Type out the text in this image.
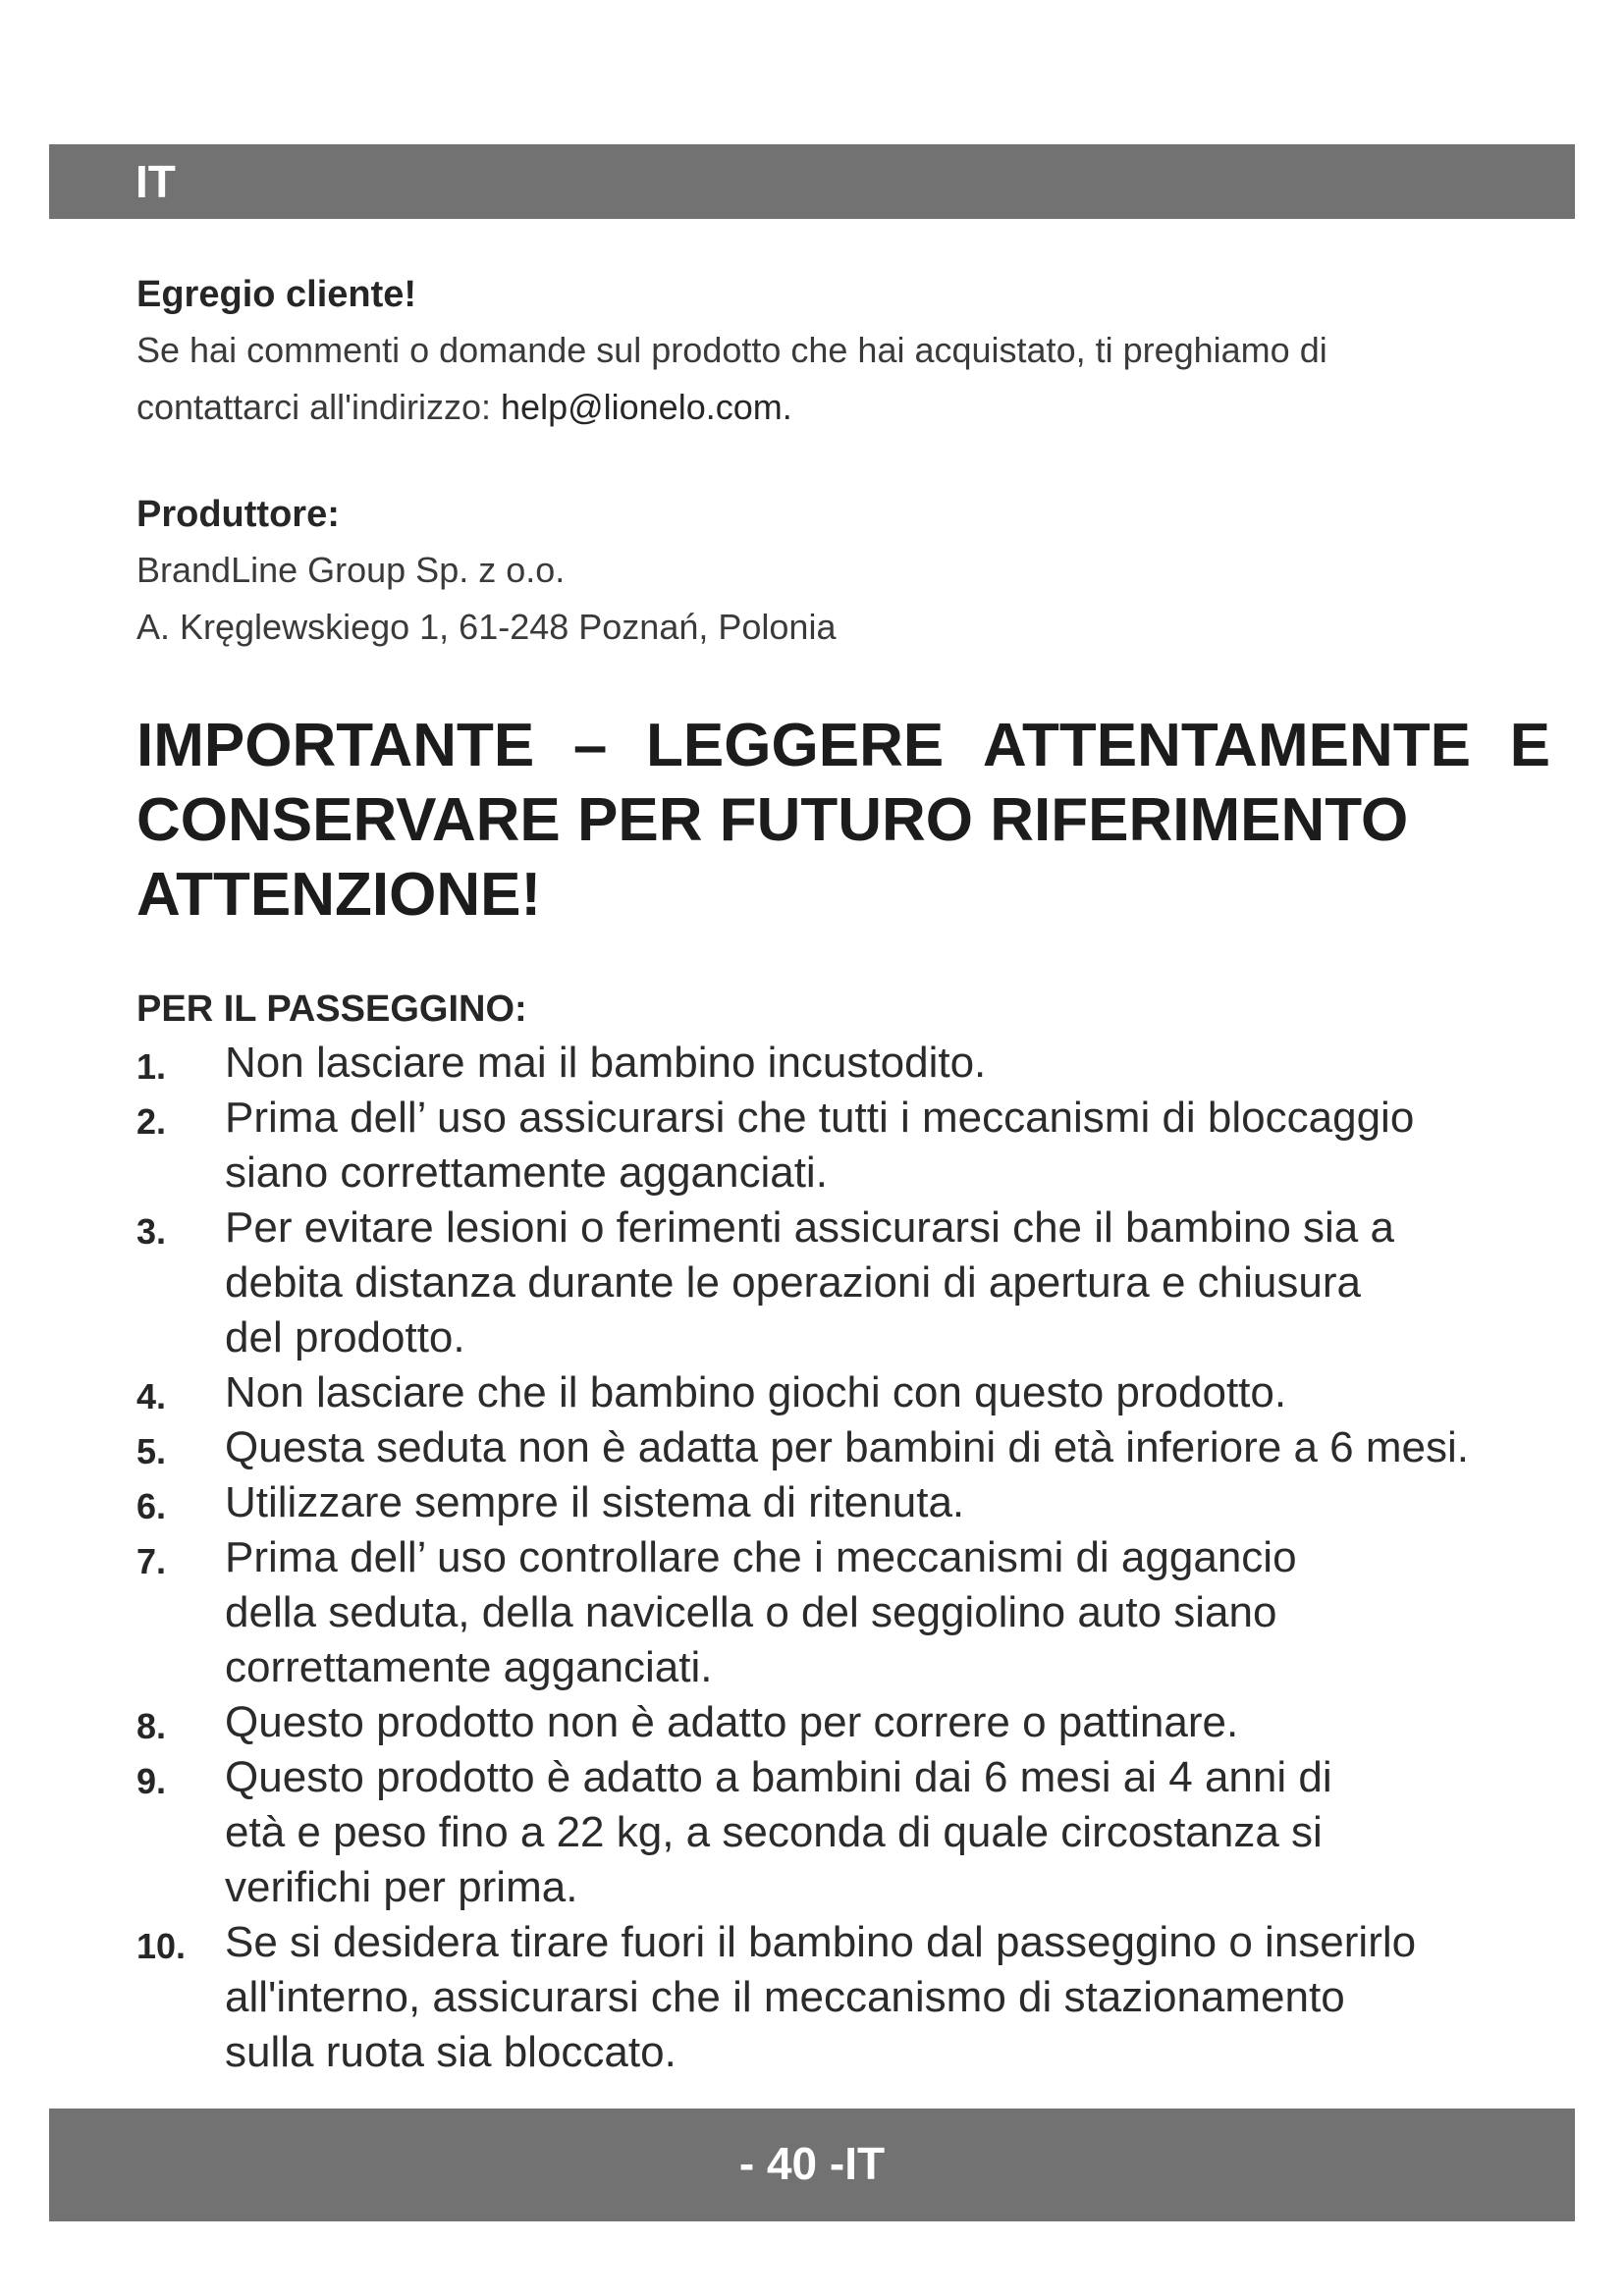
IT
Egregio cliente!
Se hai commenti o domande sul prodotto che hai acquistato, ti preghiamo di
contattarci all'indirizzo: help@lionelo.com.
Produttore:
BrandLine Group Sp. z o.o.
A. Kręglewskiego 1, 61-248 Poznań, Polonia
IMPORTANTE – LEGGERE ATTENTAMENTE E
CONSERVARE PER FUTURO RIFERIMENTO
ATTENZIONE!
PER IL PASSEGGINO:
1. Non lasciare mai il bambino incustodito.
2. Prima dell’ uso assicurarsi che tutti i meccanismi di bloccaggio
siano correttamente agganciati.
3. Per evitare lesioni o ferimenti assicurarsi che il bambino sia a
debita distanza durante le operazioni di apertura e chiusura
del prodotto.
4. Non lasciare che il bambino giochi con questo prodotto.
5. Questa seduta non è adatta per bambini di età inferiore a 6 mesi.
6. Utilizzare sempre il sistema di ritenuta.
7. Prima dell’ uso controllare che i meccanismi di aggancio
della seduta, della navicella o del seggiolino auto siano
correttamente agganciati.
8. Questo prodotto non è adatto per correre o pattinare.
9. Questo prodotto è adatto a bambini dai 6 mesi ai 4 anni di
età e peso fino a 22 kg, a seconda di quale circostanza si
verifichi per prima.
10. Se si desidera tirare fuori il bambino dal passeggino o inserirlo
all'interno, assicurarsi che il meccanismo di stazionamento
sulla ruota sia bloccato.
- 40 -IT
